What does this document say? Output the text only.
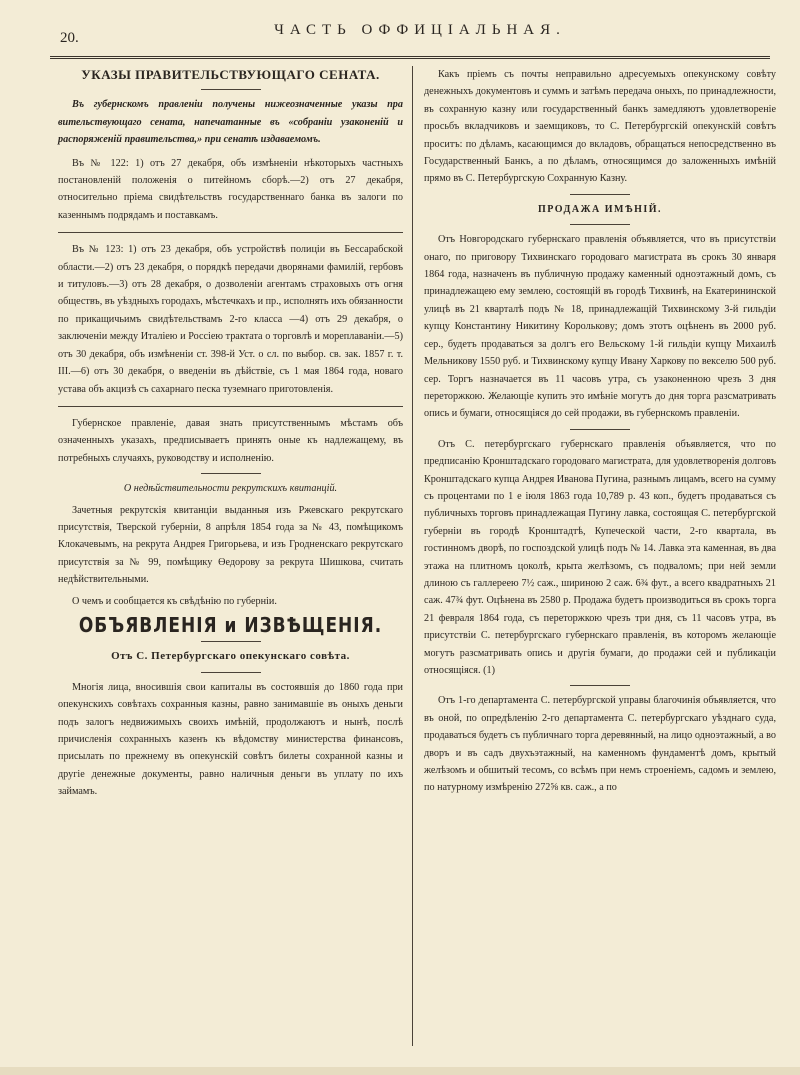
20.	ЧАСТЬ ОФФИЦІАЛЬНАЯ.
УКАЗЫ ПРАВИТЕЛЬСТВУЮЩАГО СЕНАТА.

Въ губернскомъ правленіи получены нижеозначенные указы пра вительствующаго сената, напечатанные въ «собраніи узаконеній и распоряженій правительства,» при сенатѣ издаваемомъ.

Въ № 122: 1) отъ 27 декабря, объ измѣненіи нѣкоторыхъ частныхъ постановленій положенія о питейномъ сборѣ.—2) отъ 27 декабря, относительно пріема свидѣтельствъ государственнаго банка въ залоги по казеннымъ подрядамъ и поставкамъ.

Въ № 123: 1) отъ 23 декабря, объ устройствѣ полиціи въ Бессарабской области.—2) отъ 23 декабря, о порядкѣ передачи дворянами фамилій, гербовъ и титуловъ.—3) отъ 28 декабря, о дозволеніи агентамъ страховыхъ отъ огня обществъ, въ уѣздныхъ городахъ, мѣстечкахъ и пр., исполнять ихъ обязанности по прикащичьимъ свидѣтельствамъ 2-го класса —4) отъ 29 декабря, о заключеніи между Италіею и Россіею трактата о торговлѣ и мореплаваніи.—5) отъ 30 декабря, объ измѣненіи ст. 398-й Уст. о сл. по выбор. св. зак. 1857 г. т. III.—6) отъ 30 декабря, о введеніи въ дѣйствіе, съ 1 мая 1864 года, новаго устава объ акцизѣ съ сахарнаго песка туземнаго приготовленія.

Губернское правленіе, давая знать присутственнымъ мѣстамъ объ означенныхъ указахъ, предписываетъ принять оные къ надлежащему, въ потребныхъ случаяхъ, руководству и исполненію.

О недѣйствительности рекрутскихъ квитанцій.

Зачетныя рекрутскія квитанціи выданныя изъ Ржевскаго рекрутскаго присутствія, Тверской губерніи, 8 апрѣля 1854 года за № 43, помѣщикомъ Клокачевымъ, на рекрута Андрея Григорьева, и изъ Гродненскаго рекрутскаго присутствія за № 99, помѣщику Өедорову за рекрута Шишкова, считать недѣйствительными.

О чемъ и сообщается къ свѣдѣнію по губерніи.

ОБЪЯВЛЕНІЯ и ИЗВѢЩЕНІЯ.
Отъ С. Петербургскаго опекунскаго совѣта.

Многія лица, вносившія свои капиталы въ состоявшія до 1860 года при опекунскихъ совѣтахъ сохранныя казны, равно занимавшіе въ оныхъ деньги подъ залогъ недвижимыхъ своихъ имѣній, продолжаютъ и нынѣ, послѣ причисленія сохранныхъ казенъ къ вѣдомству министерства финансовъ, присылать по прежнему въ опекунскій совѣтъ билеты сохранной казны и другіе денежные документы, равно наличныя деньги въ уплату по ихъ займамъ.

Какъ пріемъ съ почты неправильно адресуемыхъ опекунскому совѣту денежныхъ документовъ и суммъ и затѣмъ передача оныхъ, по принадлежности, въ сохранную казну или государственный банкъ замедляютъ удовлетвореніе просьбъ вкладчиковъ и заемщиковъ, то С. Петербургскій опекунскій совѣтъ проситъ: по дѣламъ, касающимся до вкладовъ, обращаться непосредственно въ Государственный Банкъ, а по дѣламъ, относящимся до заложенныхъ имѣній прямо въ С. Петербургскую Сохранную Казну.

ПРОДАЖА ИМѢНІЙ.

Отъ Новгородскаго губернскаго правленія объявляется, что въ присутствіи онаго, по приговору Тихвинскаго городоваго магистрата въ срокъ 30 января 1864 года, назначенъ въ публичную продажу каменный одноэтажный домъ, съ принадлежащею ему землею, состоящій въ городѣ Тихвинѣ, на Екатерининской улицѣ въ 21 кварталѣ подъ № 18, принадлежащій Тихвинскому 3-й гильдіи купцу Константину Никитину Корольковy; домъ этотъ оцѣненъ въ 2000 руб. сер., будетъ продаваться за долгъ его Вельскому 1-й гильдіи купцу Михаилѣ Мельникову 1550 руб. и Тихвинскому купцу Ивану Харкову по векселю 500 руб. сер. Торгъ назначается въ 11 часовъ утра, съ узаконенною чрезъ 3 дня переторжкою. Желающіе купить это имѣніе могутъ до дня торга разсматривать опись и бумаги, относящіяся до сей продажи, въ губернскомъ правленіи.

Отъ С. петербургскаго губернскаго правленія объявляется, что по предписанію Кронштадскаго городоваго магистрата, для удовлетворенія долговъ Кронштадскаго купца Андрея Ивановa Пугина, разнымъ лицамъ, всего на сумму съ процентами по 1 е іюля 1863 года 10,789 р. 43 коп., будетъ продаваться съ публичныхъ торговъ принадлежащая Пугину лавка, состоящая С. петербургской губерніи въ городѣ Кронштадтѣ, Купеческой части, 2-го квартала, въ гостинномъ дворѣ, по госпоздской улицѣ подъ № 14. Лавка эта каменная, въ два этажа на плитномъ цоколѣ, крыта желѣзомъ, съ подваломъ; при ней земли длиною съ галлереею 7½ саж., шириною 2 саж. 6¾ фут., а всего квадратныхъ 21 саж. 47¾ фут. Оцѣнена въ 2580 р. Продажа будетъ производиться въ срокъ торга 21 февраля 1864 года, съ переторжкою чрезъ три дня, съ 11 часовъ утра, въ присутствіи С. петербургскаго губернскаго правленія, въ которомъ желающіе могутъ разсматривать опись и другія бумаги, до продажи сей и публикаціи относящіяся. (1)

Отъ 1-го департамента С. петербургской управы благочинія объявляется, что въ оной, по опредѣленію 2-го департамента С. петербургскаго уѣзднаго суда, продаваться будетъ съ публичнаго торга деревянный, на лицо одноэтажный, а во дворъ и въ садъ двухъэтажный, на каменномъ фундаментѣ домъ, крытый желѣзомъ и обшитый тесомъ, со всѣмъ при немъ строеніемъ, садомъ и землею, по натурному измѣренію 272⅝ кв. саж., а по
